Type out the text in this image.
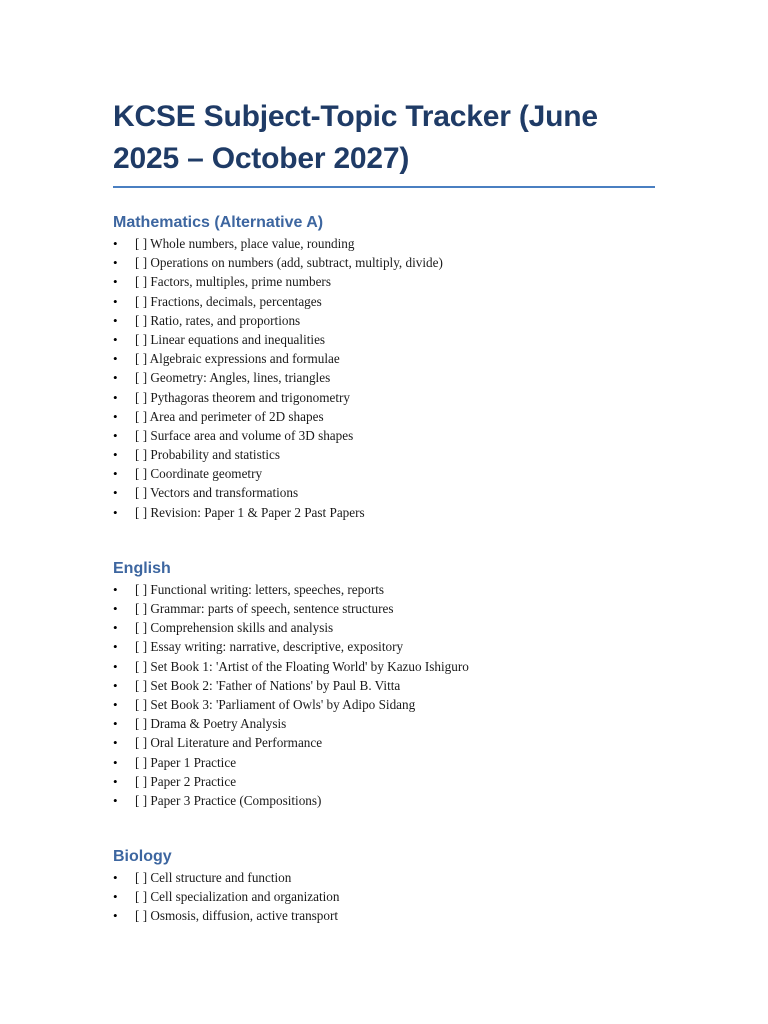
KCSE Subject-Topic Tracker (June 2025 – October 2027)
Mathematics (Alternative A)
• [ ] Whole numbers, place value, rounding
• [ ] Operations on numbers (add, subtract, multiply, divide)
• [ ] Factors, multiples, prime numbers
• [ ] Fractions, decimals, percentages
• [ ] Ratio, rates, and proportions
• [ ] Linear equations and inequalities
• [ ] Algebraic expressions and formulae
• [ ] Geometry: Angles, lines, triangles
• [ ] Pythagoras theorem and trigonometry
• [ ] Area and perimeter of 2D shapes
• [ ] Surface area and volume of 3D shapes
• [ ] Probability and statistics
• [ ] Coordinate geometry
• [ ] Vectors and transformations
• [ ] Revision: Paper 1 & Paper 2 Past Papers
English
• [ ] Functional writing: letters, speeches, reports
• [ ] Grammar: parts of speech, sentence structures
• [ ] Comprehension skills and analysis
• [ ] Essay writing: narrative, descriptive, expository
• [ ] Set Book 1: 'Artist of the Floating World' by Kazuo Ishiguro
• [ ] Set Book 2: 'Father of Nations' by Paul B. Vitta
• [ ] Set Book 3: 'Parliament of Owls' by Adipo Sidang
• [ ] Drama & Poetry Analysis
• [ ] Oral Literature and Performance
• [ ] Paper 1 Practice
• [ ] Paper 2 Practice
• [ ] Paper 3 Practice (Compositions)
Biology
• [ ] Cell structure and function
• [ ] Cell specialization and organization
• [ ] Osmosis, diffusion, active transport
